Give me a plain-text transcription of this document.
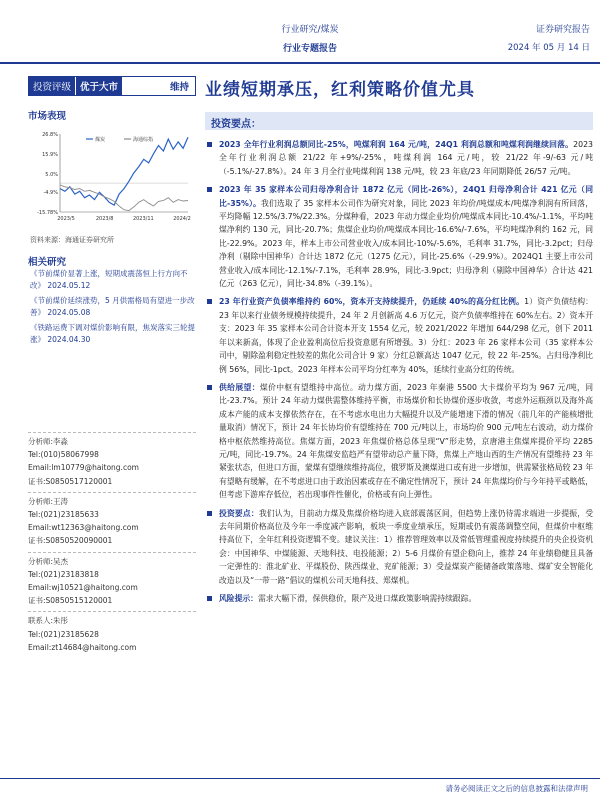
行业研究/煤炭
行业专题报告
证券研究报告
2024 年 05 月 14 日
投资评级 优于大市	维持 业绩短期承压，红利策略价值尤具
市场表现
26.8%
15.9%
5.0%
-4.9%
-15.78%
2023/5	2023/8	2023/11	2024/2
煤炭	海通综指
资料来源：海通证券研究所
相关研究
《节前煤价显著上涨，短期成震荡恒上行方向不改》 2024.05.12
《节前煤价延续涨势，5 月供需格局有望进一步改善》 2024.05.08
《铁路运费下调对煤价影响有限，焦炭落实三轮提涨》 2024.04.30
分析师:李淼
Tel:(010)58067998
Email:lm10779@haitong.com
证书:S0850517120001
分析师:王涛
Tel:(021)23185633
Email:wt12363@haitong.com
证书:S0850520090001
分析师:吴杰
Tel:(021)23183818
Email:wj10521@haitong.com
证书:S0850515120001
联系人:朱彤
Tel:(021)23185628
Email:zt14684@haitong.com
投资要点：
2023 全年行业利润总额同比-25%，吨煤利润 164 元/吨，24Q1 利润总额和吨煤利润继续回落。2023 全年行业利润总额 21/22 年+9%/-25%，吨煤利润 164 元/吨，较 21/22 年-9/-63 元/吨（-5.1%/-27.8%）。24 年 3 月全行业吨煤利润 138 元/吨，较 23 年底/23 年同期降低 26/57 元/吨。
2023 年 35 家样本公司归母净利合计 1872 亿元（同比-26%），24Q1 归母净利合计 421 亿元（同比-35%）。我们选取了 35 家样本公司作为研究对象，同比 2023 年均价/吨煤成本/吨煤净利润有所回落，平均降幅 12.5%/3.7%/22.3%。分煤种看，2023 年动力煤企业均价/吨煤成本同比-10.4%/-1.1%，平均吨煤净利约 130 元，同比-20.7%；焦煤企业均价/吨煤成本同比-16.6%/-7.6%，平均吨煤净利约 162 元，同比-22.9%。2023 年，样本上市公司营业收入/成本同比-10%/-5.6%，毛利率 31.7%，同比-3.2pct；归母净利（剔除中国神华）合计达 1872 亿元（1275 亿元），同比-25.6%（-29.9%）。2024Q1 主要上市公司营业收入/成本同比-12.1%/-7.1%，毛利率 28.9%，同比-3.9pct；归母净利（剔除中国神华）合计达 421 亿元（263 亿元），同比-34.8%（-39.1%）。
23 年行业资产负债率维持约 60%，资本开支持续提升，仍延续 40%的高分红比例。1）资产负债结构：23 年以来行业债务规模持续提升，24 年 2 月创新高 4.6 万亿元，资产负债率维持在 60%左右。2）资本开支：2023 年 35 家样本公司合计资本开支 1554 亿元，较 2021/2022 年增加 644/298 亿元，创下 2011 年以来新高，体现了企业盈利高位后投资意愿有所增强。3）分红：2023 年 26 家样本公司（35 家样本公司中，剔除盈利稳定性较差的焦化公司合计 9 家）分红总额高达 1047 亿元，较 22 年-25%。占归母净利比例 56%，同比-1pct。2023 年样本公司平均分红率为 40%，延续行业高分红的传统。
供给展望：煤价中枢有望维持中高位。动力煤方面，2023 年秦港 5500 大卡煤价平均为 967 元/吨，同比-23.7%。预计 24 年动力煤供需整体维持平衡，市场煤价和长协煤价逐步收敛，考虑外运瓶颈以及海外高成本产能的成本支撑依然存在，在不考虑水电出力大幅提升以及产能增速下滑的情况（前几年的产能核增批量取消）情况下，预计 24 年长协均价有望维持在 700 元/吨以上，市场均价 900 元/吨左右波动，动力煤价格中枢依然维持高位。焦煤方面，2023 年焦煤价格总体呈现“V”形走势，京唐港主焦煤库提价平均 2285 元/吨，同比-19.7%。24 年焦煤安监趋严有望带动总产量下降，焦煤上产地山西的生产情况有望维持 23 年紧张状态，但进口方面，蒙煤有望继续维持高位，俄罗斯及澳煤进口或有进一步增加，供需紧张格局较 23 年有望略有缓解，在不考虑进口由于政治因素或存在不确定性情况下，预计 24 年焦煤均价与今年持平或略低，但考虑下游库存低位，若出现事件性催化，价格或有向上弹性。
投资要点：我们认为，目前动力煤及焦煤价格均进入底部震荡区间，但趋势上涨仍待需求端进一步提振，受去年同期价格高位及今年一季度减产影响，板块一季度业绩承压，短期或仍有震荡调整空间，但煤价中枢维持高位下，全年红利投资逻辑不变。建议关注：1）推荐管理效率以及常低管理重视度持续提升的央企投资机会：中国神华、中煤能源、天地科技、电投能源；2）5-6 月煤价有望企稳向上，推荐 24 年业绩稳健且具备一定弹性的：淮北矿业、平煤股份、陕西煤业、兖矿能源；3）受益煤炭产能储备政策落地、煤矿安全智能化改造以及“一带一路”倡议的煤机公司天地科技、郑煤机。
风险提示：需求大幅下滑，保供稳价，限产及进口煤政策影响需持续跟踪。
请务必阅读正文之后的信息披露和法律声明
